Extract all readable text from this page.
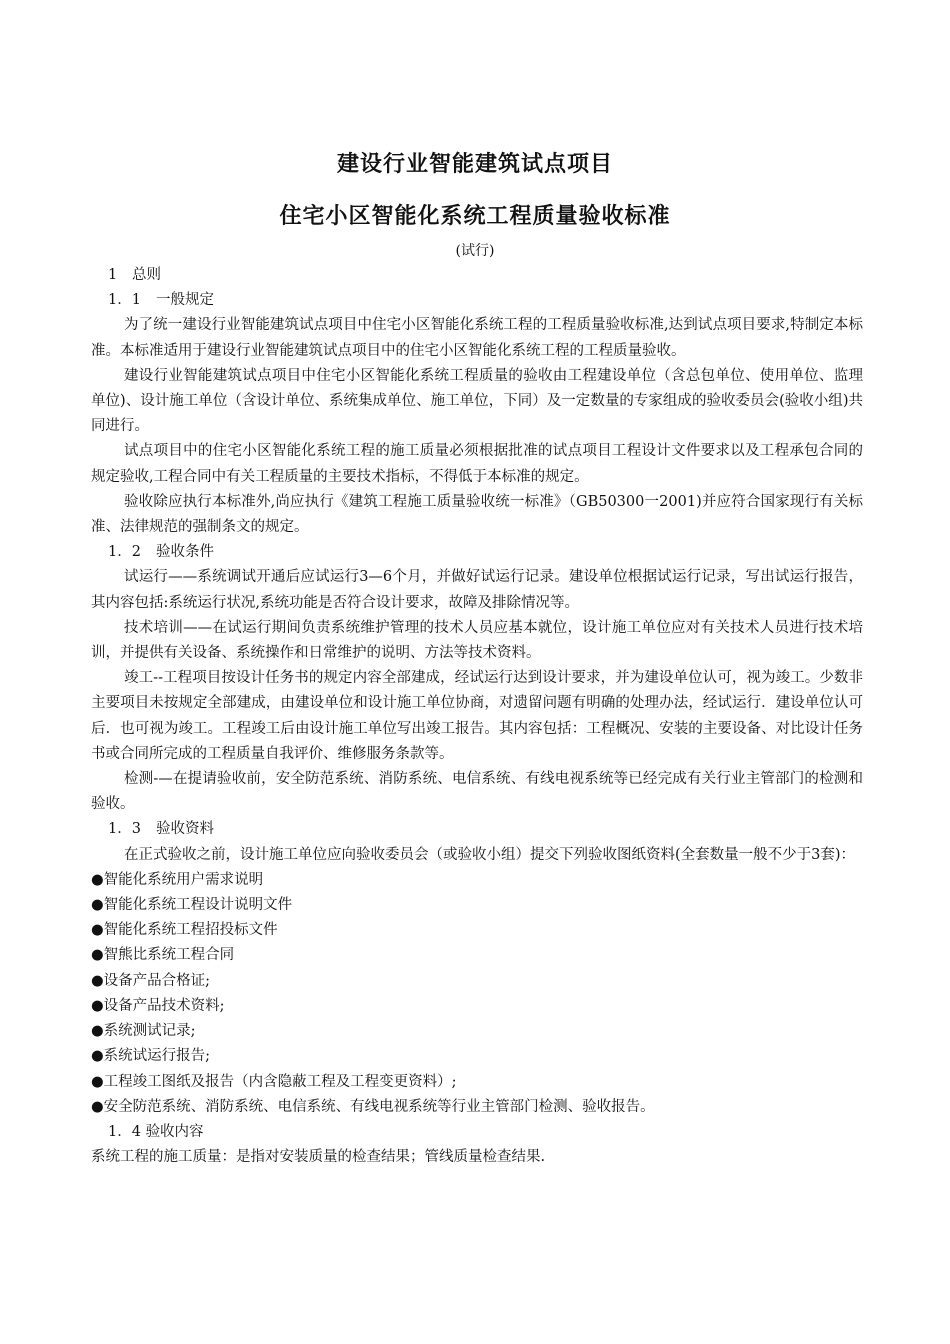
建设行业智能建筑试点项目
住宅小区智能化系统工程质量验收标准
(试行)

1 总则

1．1 一般规定

为了统一建设行业智能建筑试点项目中住宅小区智能化系统工程的工程质量验收标准,达到试点项目要求,特制定本标准。本标准适用于建设行业智能建筑试点项目中的住宅小区智能化系统工程的工程质量验收。

建设行业智能建筑试点项目中住宅小区智能化系统工程质量的验收由工程建设单位（含总包单位、使用单位、监理单位)、设计施工单位（含设计单位、系统集成单位、施工单位，下同）及一定数量的专家组成的验收委员会(验收小组)共同进行。

试点项目中的住宅小区智能化系统工程的施工质量必须根据批准的试点项目工程设计文件要求以及工程承包合同的规定验收,工程合同中有关工程质量的主要技术指标，不得低于本标准的规定。

验收除应执行本标准外,尚应执行《建筑工程施工质量验收统一标准》（GB50300一2001)并应符合国家现行有关标准、法律规范的强制条文的规定。

1．2 验收条件

试运行——系统调试开通后应试运行3—6个月，并做好试运行记录。建设单位根据试运行记录，写出试运行报告，其内容包括:系统运行状况,系统功能是否符合设计要求，故障及排除情况等。

技术培训——在试运行期间负责系统维护管理的技术人员应基本就位，设计施工单位应对有关技术人员进行技术培训，并提供有关设备、系统操作和日常维护的说明、方法等技术资料。

竣工--工程项目按设计任务书的规定内容全部建成，经试运行达到设计要求，并为建设单位认可，视为竣工。少数非主要项目未按规定全部建成，由建设单位和设计施工单位协商，对遗留问题有明确的处理办法，经试运行．建设单位认可后．也可视为竣工。工程竣工后由设计施工单位写出竣工报告。其内容包括：工程概况、安装的主要设备、对比设计任务书或合同所完成的工程质量自我评价、维修服务条款等。

检测-—在提请验收前，安全防范系统、消防系统、电信系统、有线电视系统等已经完成有关行业主管部门的检测和验收。

1．3 验收资料

在正式验收之前，设计施工单位应向验收委员会（或验收小组）提交下列验收图纸资料(全套数量一般不少于3套)：

●智能化系统用户需求说明

●智能化系统工程设计说明文件

●智能化系统工程招投标文件

●智熊比系统工程合同

●设备产品合格证;

●设备产品技术资料;

●系统测试记录;

●系统试运行报告;

●工程竣工图纸及报告（内含隐蔽工程及工程变更资料）;

●安全防范系统、消防系统、电信系统、有线电视系统等行业主管部门检测、验收报告。

1．4 验收内容

系统工程的施工质量：是指对安装质量的检查结果；管线质量检查结果.
